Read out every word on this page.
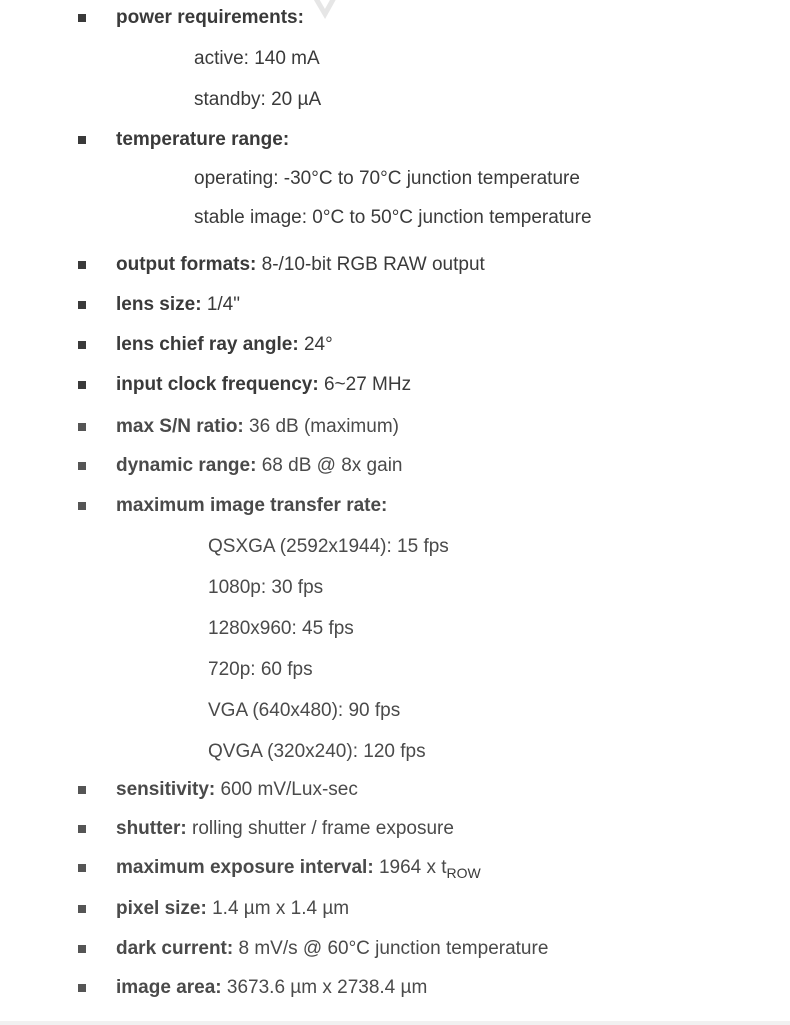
power requirements:
active: 140 mA
standby: 20 µA
temperature range:
operating: -30°C to 70°C junction temperature
stable image: 0°C to 50°C junction temperature
output formats: 8-/10-bit RGB RAW output
lens size: 1/4"
lens chief ray angle: 24°
input clock frequency: 6~27 MHz
max S/N ratio: 36 dB (maximum)
dynamic range: 68 dB @ 8x gain
maximum image transfer rate:
QSXGA (2592x1944): 15 fps
1080p: 30 fps
1280x960: 45 fps
720p: 60 fps
VGA (640x480): 90 fps
QVGA (320x240): 120 fps
sensitivity: 600 mV/Lux-sec
shutter: rolling shutter / frame exposure
maximum exposure interval: 1964 x $t_{ROW}$
pixel size: 1.4 µm x 1.4 µm
dark current: 8 mV/s @ 60°C junction temperature
image area: 3673.6 µm x 2738.4 µm
